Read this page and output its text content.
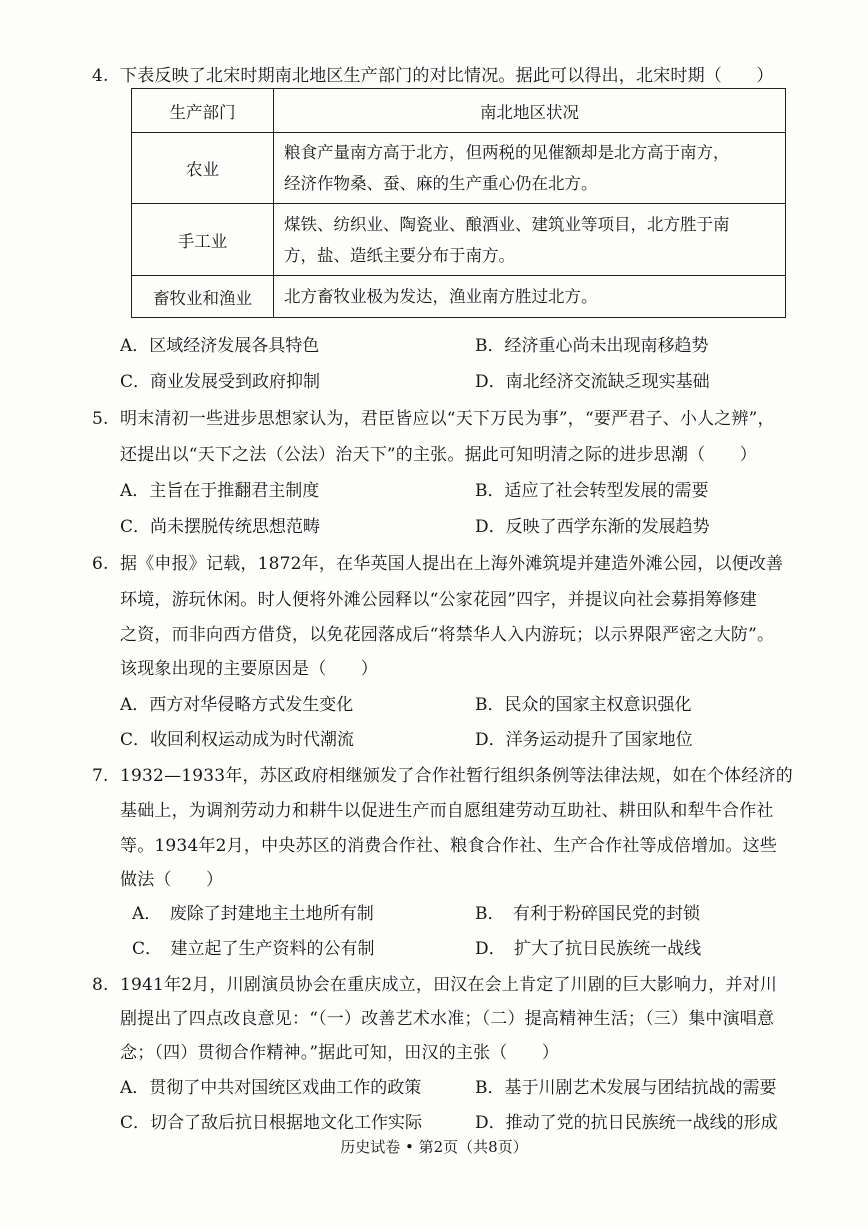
4. 下表反映了北宋时期南北地区生产部门的对比情况。据此可以得出，北宋时期（　　）
生产部门	南北地区状况
农业	粮食产量南方高于北方，但两税的见催额却是北方高于南方，
经济作物桑、蚕、麻的生产重心仍在北方。

手工业	煤铁、纺织业、陶瓷业、酿酒业、建筑业等项目，北方胜于南
方，盐、造纸主要分布于南方。

畜牧业和渔业	北方畜牧业极为发达，渔业南方胜过北方。
A．区域经济发展各具特色	B．经济重心尚未出现南移趋势
C．商业发展受到政府抑制	D．南北经济交流缺乏现实基础
5. 明末清初一些进步思想家认为，君臣皆应以“天下万民为事”，“要严君子、小人之辨”，
还提出以“天下之法（公法）治天下”的主张。据此可知明清之际的进步思潮（　　）
A．主旨在于推翻君主制度	B．适应了社会转型发展的需要
C．尚未摆脱传统思想范畴	D．反映了西学东渐的发展趋势
6. 据《申报》记载，1872年，在华英国人提出在上海外滩筑堤并建造外滩公园，以便改善
环境，游玩休闲。时人便将外滩公园释以“公家花园”四字，并提议向社会募捐筹修建
之资，而非向西方借贷，以免花园落成后“将禁华人入内游玩；以示界限严密之大防”。
该现象出现的主要原因是（　　）
A．西方对华侵略方式发生变化	B．民众的国家主权意识强化
C．收回利权运动成为时代潮流	D．洋务运动提升了国家地位
7. 1932—1933年，苏区政府相继颁发了合作社暂行组织条例等法律法规，如在个体经济的
基础上，为调剂劳动力和耕牛以促进生产而自愿组建劳动互助社、耕田队和犁牛合作社
等。1934年2月，中央苏区的消费合作社、粮食合作社、生产合作社等成倍增加。这些
做法（　　）
A．　废除了封建地主土地所有制	B．　有利于粉碎国民党的封锁
C．　建立起了生产资料的公有制	D．　扩大了抗日民族统一战线
8. 1941年2月，川剧演员协会在重庆成立，田汉在会上肯定了川剧的巨大影响力，并对川
剧提出了四点改良意见：“（一）改善艺术水准；（二）提高精神生活；（三）集中演唱意
念；（四）贯彻合作精神。”据此可知，田汉的主张（　　）
A．贯彻了中共对国统区戏曲工作的政策	B．基于川剧艺术发展与团结抗战的需要
C．切合了敌后抗日根据地文化工作实际	D．推动了党的抗日民族统一战线的形成
历史试卷 • 第2页（共8页）
